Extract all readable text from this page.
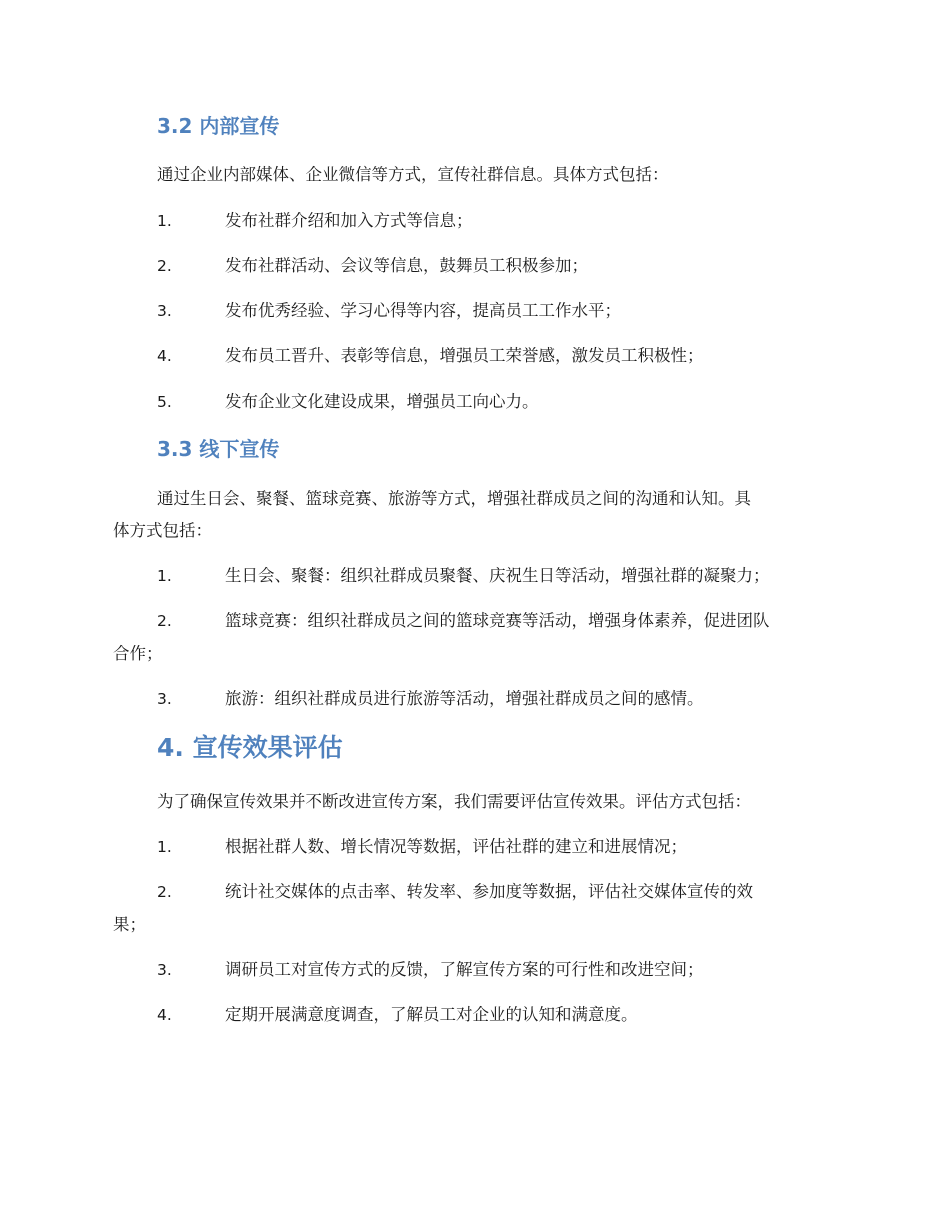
3.2 内部宣传

通过企业内部媒体、企业微信等方式，宣传社群信息。具体方式包括：

1.	发布社群介绍和加入方式等信息；
2.	发布社群活动、会议等信息，鼓舞员工积极参加；
3.	发布优秀经验、学习心得等内容，提高员工工作水平；
4.	发布员工晋升、表彰等信息，增强员工荣誉感，激发员工积极性；
5.	发布企业文化建设成果，增强员工向心力。
3.3 线下宣传

通过生日会、聚餐、篮球竞赛、旅游等方式，增强社群成员之间的沟通和认知。具

体方式包括：

1.	生日会、聚餐：组织社群成员聚餐、庆祝生日等活动，增强社群的凝聚力；
2.	篮球竞赛：组织社群成员之间的篮球竞赛等活动，增强身体素养，促进团队
合作；
3.	旅游：组织社群成员进行旅游等活动，增强社群成员之间的感情。
4. 宣传效果评估

为了确保宣传效果并不断改进宣传方案，我们需要评估宣传效果。评估方式包括：

1.	根据社群人数、增长情况等数据，评估社群的建立和进展情况；
2.	统计社交媒体的点击率、转发率、参加度等数据，评估社交媒体宣传的效
果；
3.	调研员工对宣传方式的反馈，了解宣传方案的可行性和改进空间；
4.	定期开展满意度调查，了解员工对企业的认知和满意度。
